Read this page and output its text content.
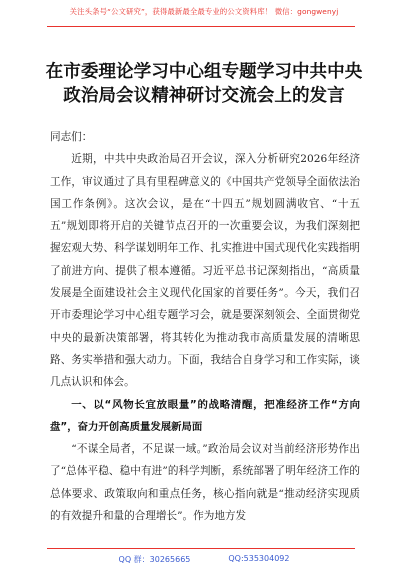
关注头条号“公文研究”，获得最新最全最专业的公文资料库！ 微信：gongwenyj
在市委理论学习中心组专题学习中共中央
政治局会议精神研讨交流会上的发言
同志们：
近期，中共中央政治局召开会议，深入分析研究2026年经济工作，审议通过了具有里程碑意义的《中国共产党领导全面依法治国工作条例》。这次会议，是在“十四五”规划圆满收官、“十五五”规划即将开启的关键节点召开的一次重要会议，为我们深刻把握宏观大势、科学谋划明年工作、扎实推进中国式现代化实践指明了前进方向、提供了根本遵循。习近平总书记深刻指出，“高质量发展是全面建设社会主义现代化国家的首要任务”。今天，我们召开市委理论学习中心组专题学习会，就是要深刻领会、全面贯彻党中央的最新决策部署，将其转化为推动我市高质量发展的清晰思路、务实举措和强大动力。下面，我结合自身学习和工作实际，谈几点认识和体会。
一、以“风物长宜放眼量”的战略清醒，把准经济工作“方向盘”，奋力开创高质量发展新局面
“不谋全局者，不足谋一域。”政治局会议对当前经济形势作出了“总体平稳、稳中有进”的科学判断，系统部署了明年经济工作的总体要求、政策取向和重点任务，核心指向就是“推动经济实现质的有效提升和量的合理增长”。作为地方发
QQ 群：30265665	QQ:535304092
